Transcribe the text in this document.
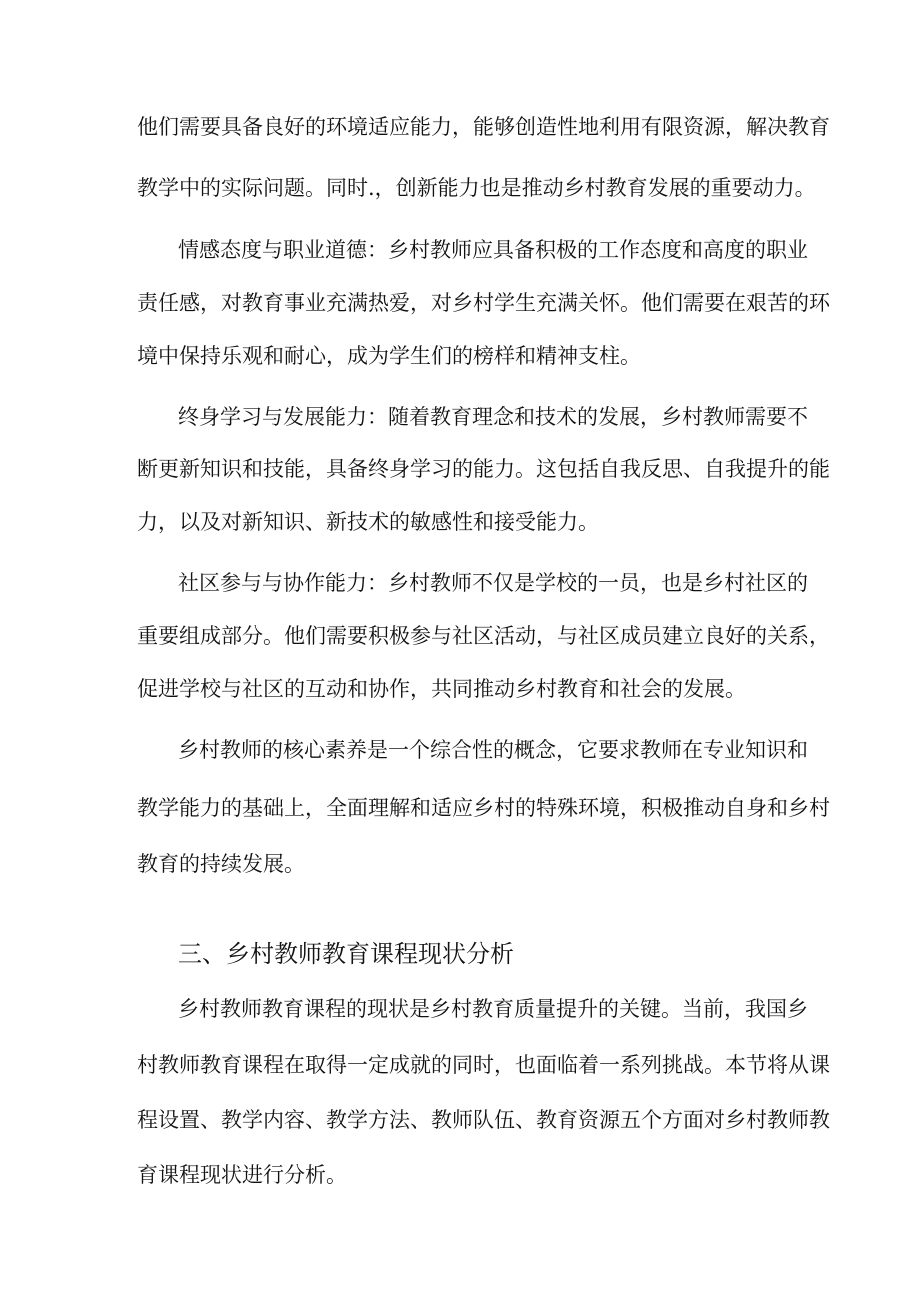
他们需要具备良好的环境适应能力，能够创造性地利用有限资源，解决教育
教学中的实际问题。同时.，创新能力也是推动乡村教育发展的重要动力。
情感态度与职业道德：乡村教师应具备积极的工作态度和高度的职业
责任感，对教育事业充满热爱，对乡村学生充满关怀。他们需要在艰苦的环
境中保持乐观和耐心，成为学生们的榜样和精神支柱。
终身学习与发展能力：随着教育理念和技术的发展，乡村教师需要不
断更新知识和技能，具备终身学习的能力。这包括自我反思、自我提升的能
力，以及对新知识、新技术的敏感性和接受能力。
社区参与与协作能力：乡村教师不仅是学校的一员，也是乡村社区的
重要组成部分。他们需要积极参与社区活动，与社区成员建立良好的关系，
促进学校与社区的互动和协作，共同推动乡村教育和社会的发展。
乡村教师的核心素养是一个综合性的概念，它要求教师在专业知识和
教学能力的基础上，全面理解和适应乡村的特殊环境，积极推动自身和乡村
教育的持续发展。
三、乡村教师教育课程现状分析
乡村教师教育课程的现状是乡村教育质量提升的关键。当前，我国乡
村教师教育课程在取得一定成就的同时，也面临着一系列挑战。本节将从课
程设置、教学内容、教学方法、教师队伍、教育资源五个方面对乡村教师教
育课程现状进行分析。
